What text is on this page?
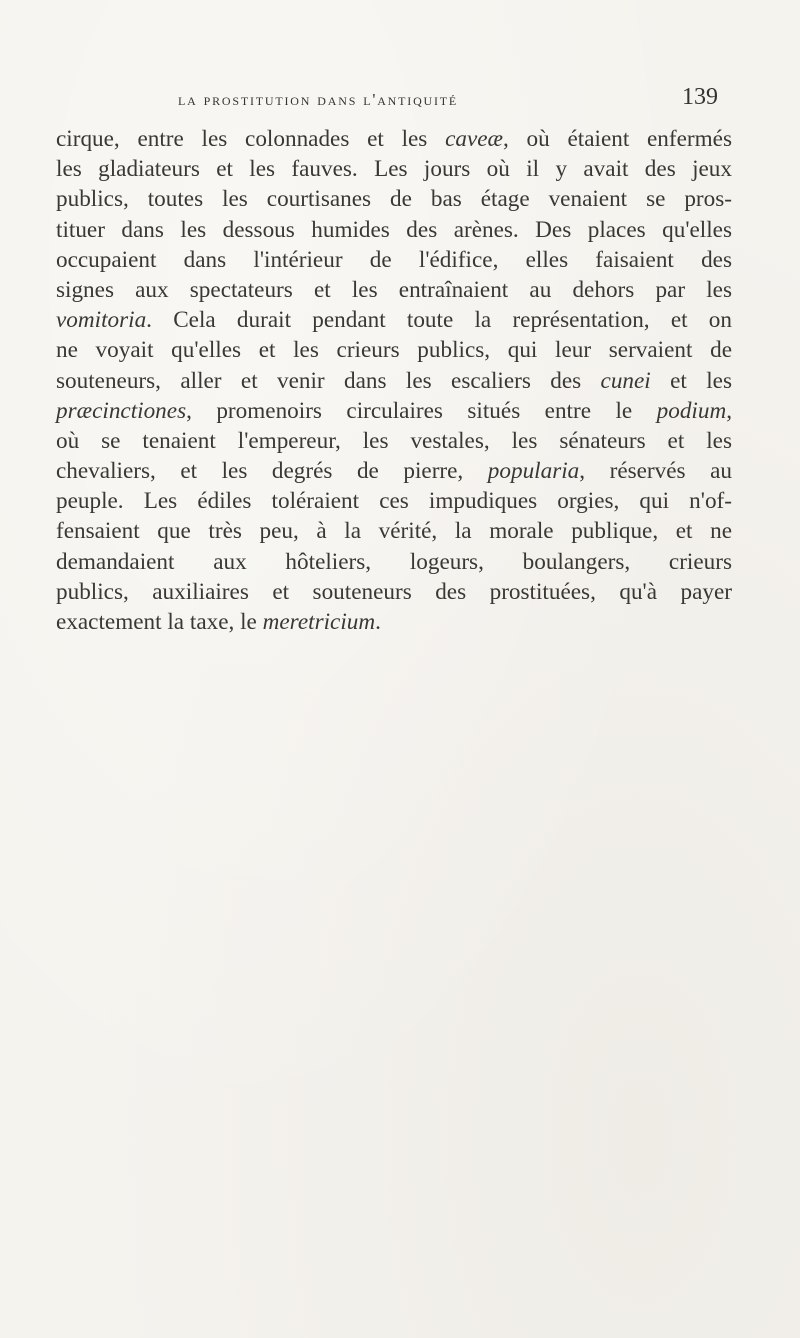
la prostitution dans l'antiquité	139
cirque, entre les colonnades et les caveæ, où étaient enfermés
les gladiateurs et les fauves. Les jours où il y avait des jeux
publics, toutes les courtisanes de bas étage venaient se pros-
tituer dans les dessous humides des arènes. Des places qu'elles
occupaient dans l'intérieur de l'édifice, elles faisaient des
signes aux spectateurs et les entraînaient au dehors par les
vomitoria. Cela durait pendant toute la représentation, et on
ne voyait qu'elles et les crieurs publics, qui leur servaient de
souteneurs, aller et venir dans les escaliers des cunei et les
præcinctiones, promenoirs circulaires situés entre le podium,
où se tenaient l'empereur, les vestales, les sénateurs et les
chevaliers, et les degrés de pierre, popularia, réservés au
peuple. Les édiles toléraient ces impudiques orgies, qui n'of-
fensaient que très peu, à la vérité, la morale publique, et ne
demandaient aux hôteliers, logeurs, boulangers, crieurs
publics, auxiliaires et souteneurs des prostituées, qu'à payer
exactement la taxe, le meretricium.
